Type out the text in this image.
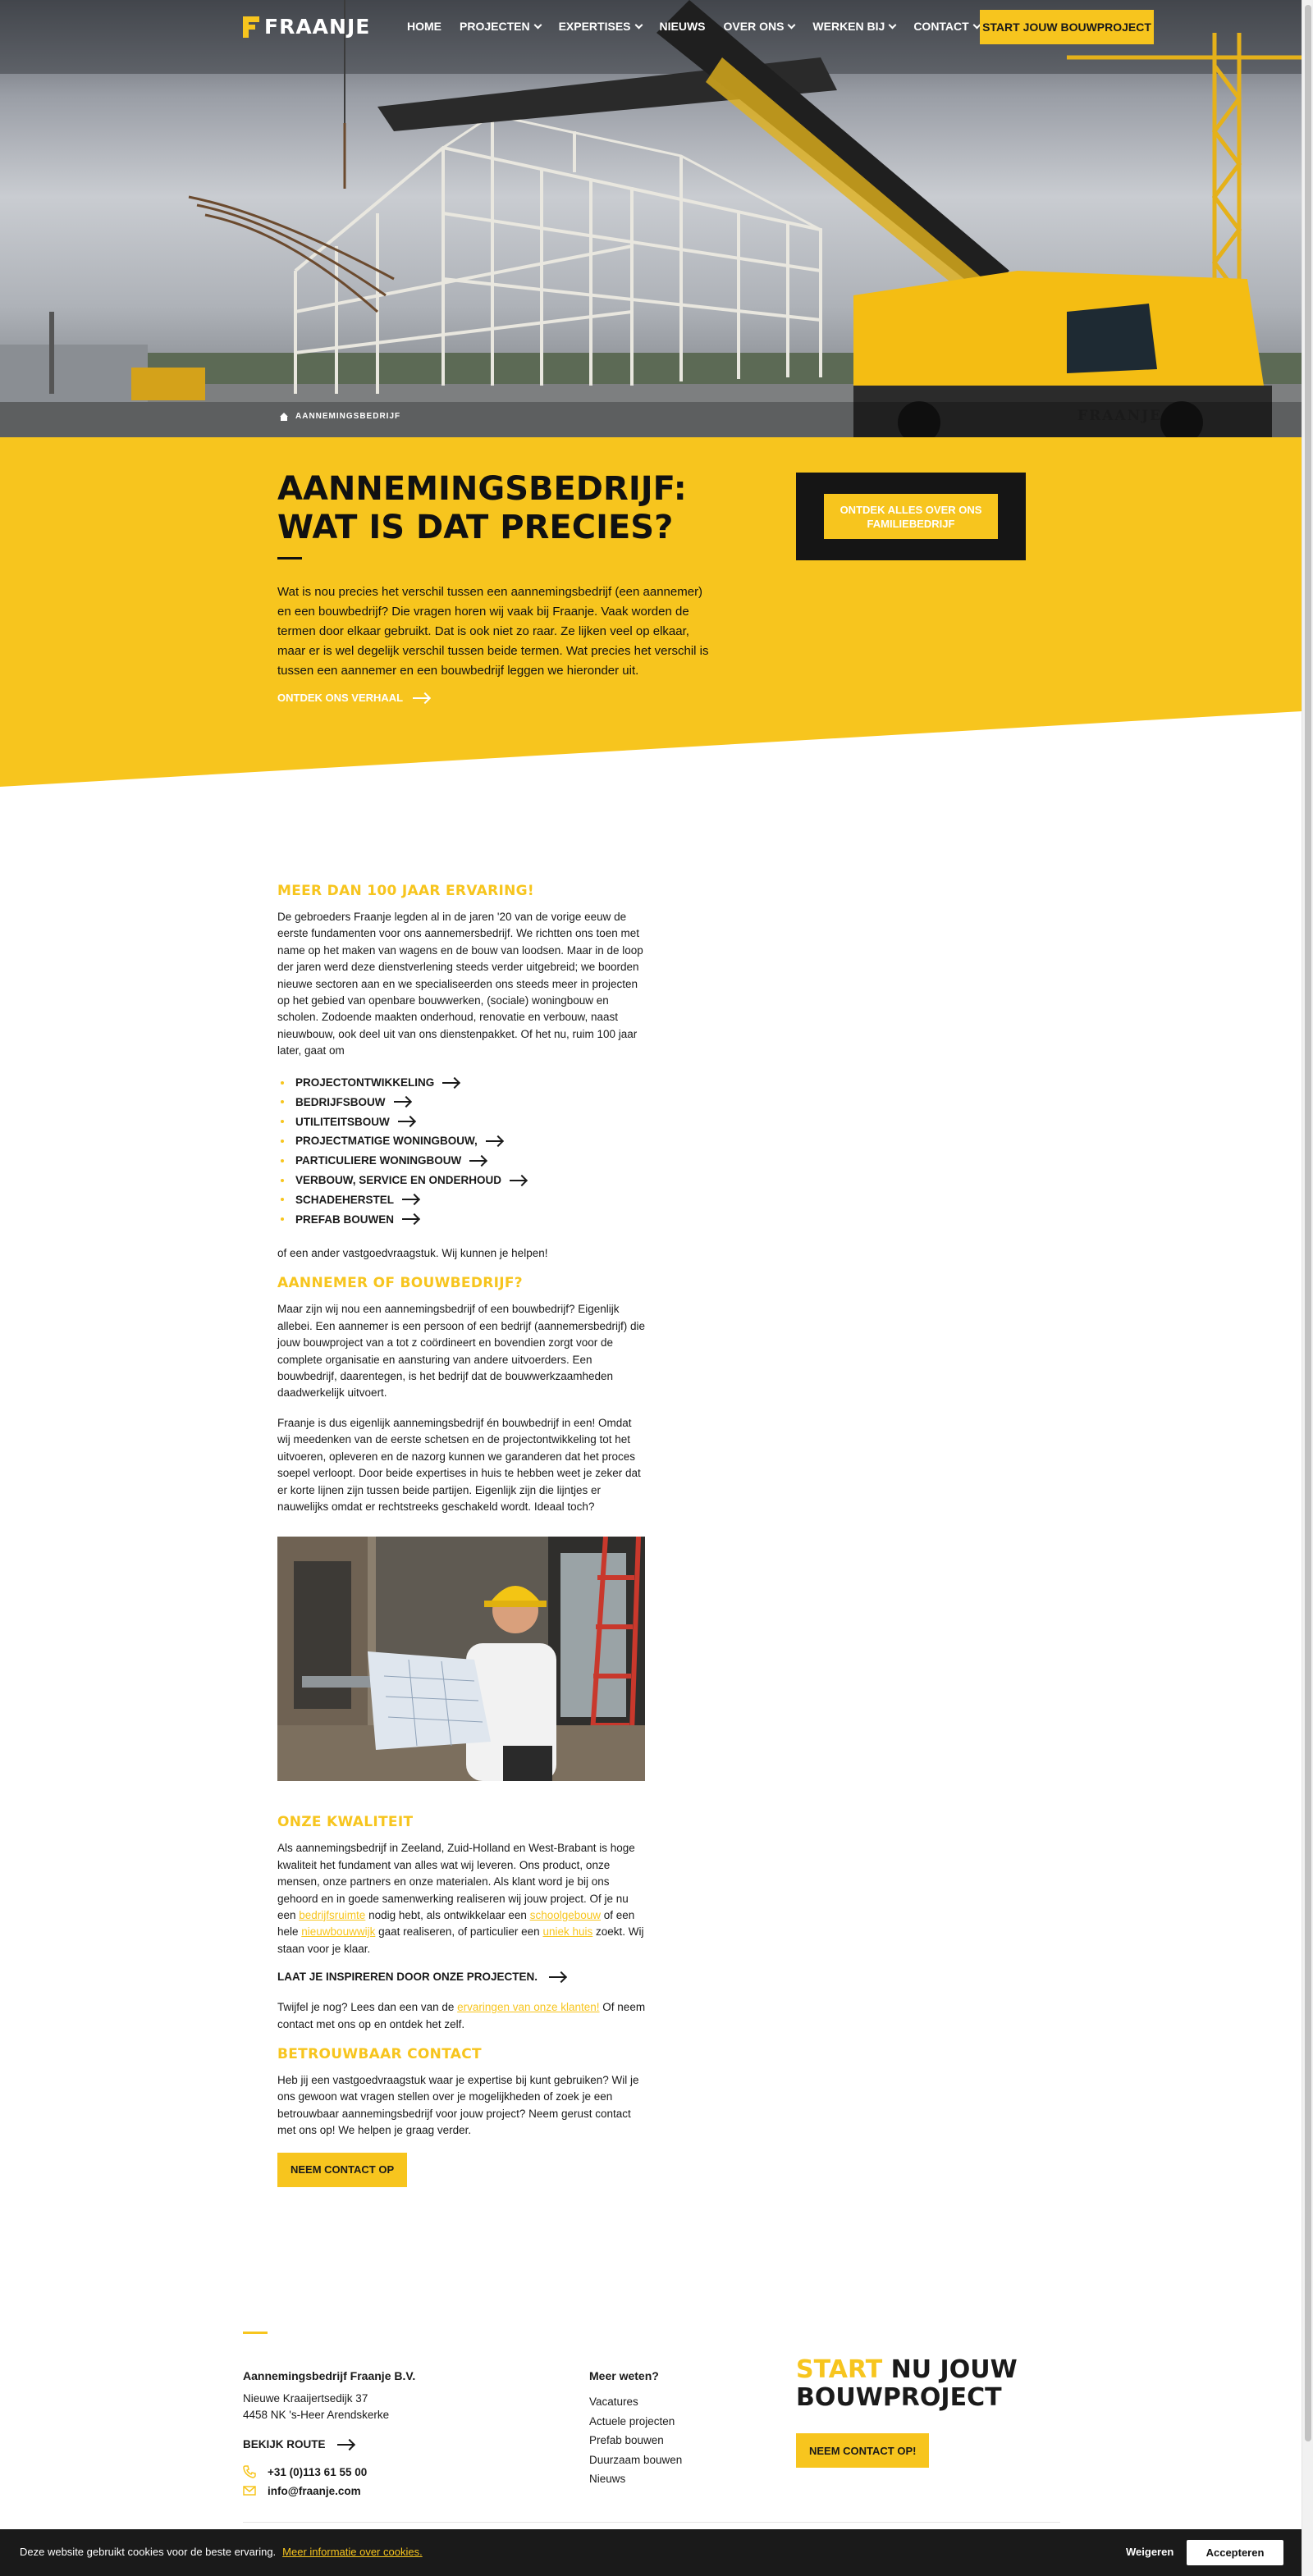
FRAANJE	HOME PROJECTEN	EXPERTISES	NIEUWS OVER ONS	WERKEN BIJ	CONTACT START JOUW BOUWPROJECT
AANNEMINGSBEDRIJF	FRAANJE
AANNEMINGSBEDRIJF:
WAT IS DAT PRECIES?

Wat is nou precies het verschil tussen een aannemingsbedrijf (een aannemer) en een bouwbedrijf? Die vragen horen wij vaak bij Fraanje. Vaak worden de termen door elkaar gebruikt. Dat is ook niet zo raar. Ze lijken veel op elkaar, maar er is wel degelijk verschil tussen beide termen. Wat precies het verschil is tussen een aannemer en een bouwbedrijf leggen we hieronder uit.

ONTDEK ONS VERHAAL
ONTDEK ALLES OVER ONS FAMILIEBEDRIJF
MEER DAN 100 JAAR ERVARING!

De gebroeders Fraanje legden al in de jaren '20 van de vorige eeuw de eerste fundamenten voor ons aannemersbedrijf. We richtten ons toen met name op het maken van wagens en de bouw van loodsen. Maar in de loop der jaren werd deze dienstverlening steeds verder uitgebreid; we boorden nieuwe sectoren aan en we specialiseerden ons steeds meer in projecten op het gebied van openbare bouwwerken, (sociale) woningbouw en scholen. Zodoende maakten onderhoud, renovatie en verbouw, naast nieuwbouw, ook deel uit van ons dienstenpakket. Of het nu, ruim 100 jaar later, gaat om

PROJECTONTWIKKELING
BEDRIJFSBOUW
UTILITEITSBOUW
PROJECTMATIGE WONINGBOUW,
PARTICULIERE WONINGBOUW
VERBOUW, SERVICE EN ONDERHOUD
SCHADEHERSTEL
PREFAB BOUWEN

of een ander vastgoedvraagstuk. Wij kunnen je helpen!

AANNEMER OF BOUWBEDRIJF?

Maar zijn wij nou een aannemingsbedrijf of een bouwbedrijf? Eigenlijk allebei. Een aannemer is een persoon of een bedrijf (aannemersbedrijf) die jouw bouwproject van a tot z coördineert en bovendien zorgt voor de complete organisatie en aansturing van andere uitvoerders. Een bouwbedrijf, daarentegen, is het bedrijf dat de bouwwerkzaamheden daadwerkelijk uitvoert.

Fraanje is dus eigenlijk aannemingsbedrijf én bouwbedrijf in een! Omdat wij meedenken van de eerste schetsen en de projectontwikkeling tot het uitvoeren, opleveren en de nazorg kunnen we garanderen dat het proces soepel verloopt. Door beide expertises in huis te hebben weet je zeker dat er korte lijnen zijn tussen beide partijen. Eigenlijk zijn die lijntjes er nauwelijks omdat er rechtstreeks geschakeld wordt. Ideaal toch?

ONZE KWALITEIT

Als aannemingsbedrijf in Zeeland, Zuid-Holland en West-Brabant is hoge kwaliteit het fundament van alles wat wij leveren. Ons product, onze mensen, onze partners en onze materialen. Als klant word je bij ons gehoord en in goede samenwerking realiseren wij jouw project. Of je nu een bedrijfsruimte nodig hebt, als ontwikkelaar een schoolgebouw of een hele nieuwbouwwijk gaat realiseren, of particulier een uniek huis zoekt. Wij staan voor je klaar.

LAAT JE INSPIREREN DOOR ONZE PROJECTEN.

Twijfel je nog? Lees dan een van de ervaringen van onze klanten! Of neem contact met ons op en ontdek het zelf.

BETROUWBAAR CONTACT

Heb jij een vastgoedvraagstuk waar je expertise bij kunt gebruiken? Wil je ons gewoon wat vragen stellen over je mogelijkheden of zoek je een betrouwbaar aannemingsbedrijf voor jouw project? Neem gerust contact met ons op! We helpen je graag verder.

NEEM CONTACT OP
Aannemingsbedrijf Fraanje B.V.
Nieuwe Kraaijertsedijk 37
4458 NK 's-Heer Arendskerke
BEKIJK ROUTE
+31 (0)113 61 55 00
info@fraanje.com
Meer weten?
Vacatures
Actuele projecten
Prefab bouwen
Duurzaam bouwen
Nieuws
START NU JOUW
BOUWPROJECT
NEEM CONTACT OP!
Deze website gebruikt cookies voor de beste ervaring. Meer informatie over cookies.	Weigeren	Accepteren
